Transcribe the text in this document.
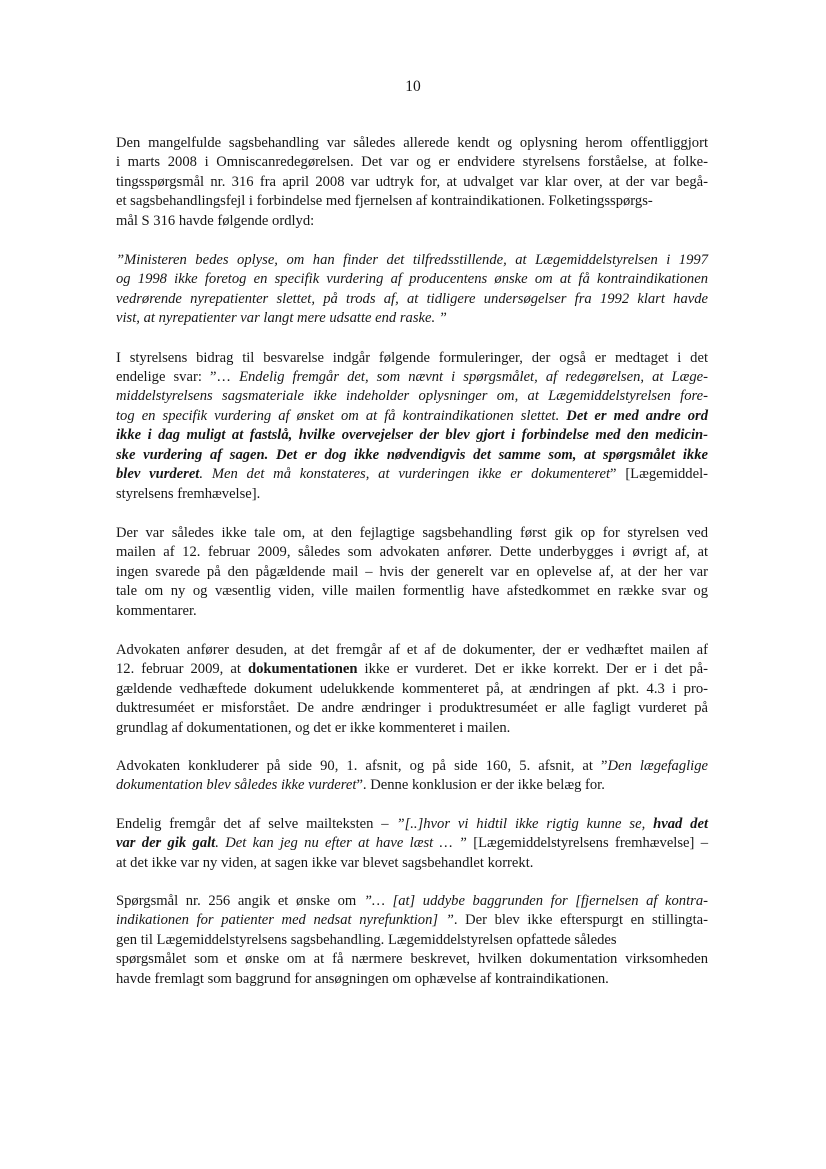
10
Den mangelfulde sagsbehandling var således allerede kendt og oplysning herom offentliggjort
i marts 2008 i Omniscanredegørelsen. Det var og er endvidere styrelsens forståelse, at folke-
tingsspørgsmål nr. 316 fra april 2008 var udtryk for, at udvalget var klar over, at der var begå-
et sagsbehandlingsfejl i forbindelse med fjernelsen af kontraindikationen. Folketingsspørgs-
mål S 316 havde følgende ordlyd:
”Ministeren bedes oplyse, om han finder det tilfredsstillende, at Lægemiddelstyrelsen i 1997
og 1998 ikke foretog en specifik vurdering af producentens ønske om at få kontraindikationen
vedrørende nyrepatienter slettet, på trods af, at tidligere undersøgelser fra 1992 klart havde
vist, at nyrepatienter var langt mere udsatte end raske. ”
I styrelsens bidrag til besvarelse indgår følgende formuleringer, der også er medtaget i det
endelige svar: ”… Endelig fremgår det, som nævnt i spørgsmålet, af redegørelsen, at Læge-
middelstyrelsens sagsmateriale ikke indeholder oplysninger om, at Lægemiddelstyrelsen fore-
tog en specifik vurdering af ønsket om at få kontraindikationen slettet. Det er med andre ord
ikke i dag muligt at fastslå, hvilke overvejelser der blev gjort i forbindelse med den medicin-
ske vurdering af sagen. Det er dog ikke nødvendigvis det samme som, at spørgsmålet ikke
blev vurderet. Men det må konstateres, at vurderingen ikke er dokumenteret” [Lægemiddel-
styrelsens fremhævelse].
Der var således ikke tale om, at den fejlagtige sagsbehandling først gik op for styrelsen ved
mailen af 12. februar 2009, således som advokaten anfører. Dette underbygges i øvrigt af, at
ingen svarede på den pågældende mail – hvis der generelt var en oplevelse af, at der her var
tale om ny og væsentlig viden, ville mailen formentlig have afstedkommet en række svar og
kommentarer.
Advokaten anfører desuden, at det fremgår af et af de dokumenter, der er vedhæftet mailen af
12. februar 2009, at dokumentationen ikke er vurderet. Det er ikke korrekt. Der er i det på-
gældende vedhæftede dokument udelukkende kommenteret på, at ændringen af pkt. 4.3 i pro-
duktresuméet er misforstået. De andre ændringer i produktresuméet er alle fagligt vurderet på
grundlag af dokumentationen, og det er ikke kommenteret i mailen.
Advokaten konkluderer på side 90, 1. afsnit, og på side 160, 5. afsnit, at ”Den lægefaglige
dokumentation blev således ikke vurderet”. Denne konklusion er der ikke belæg for.
Endelig fremgår det af selve mailteksten – ”[..]hvor vi hidtil ikke rigtig kunne se, hvad det
var der gik galt. Det kan jeg nu efter at have læst … ” [Lægemiddelstyrelsens fremhævelse] –
at det ikke var ny viden, at sagen ikke var blevet sagsbehandlet korrekt.
Spørgsmål nr. 256 angik et ønske om ”… [at] uddybe baggrunden for [fjernelsen af kontra-
indikationen for patienter med nedsat nyrefunktion] ”. Der blev ikke efterspurgt en stillingta-
gen til Lægemiddelstyrelsens sagsbehandling. Lægemiddelstyrelsen opfattede således
spørgsmålet som et ønske om at få nærmere beskrevet, hvilken dokumentation virksomheden
havde fremlagt som baggrund for ansøgningen om ophævelse af kontraindikationen.
